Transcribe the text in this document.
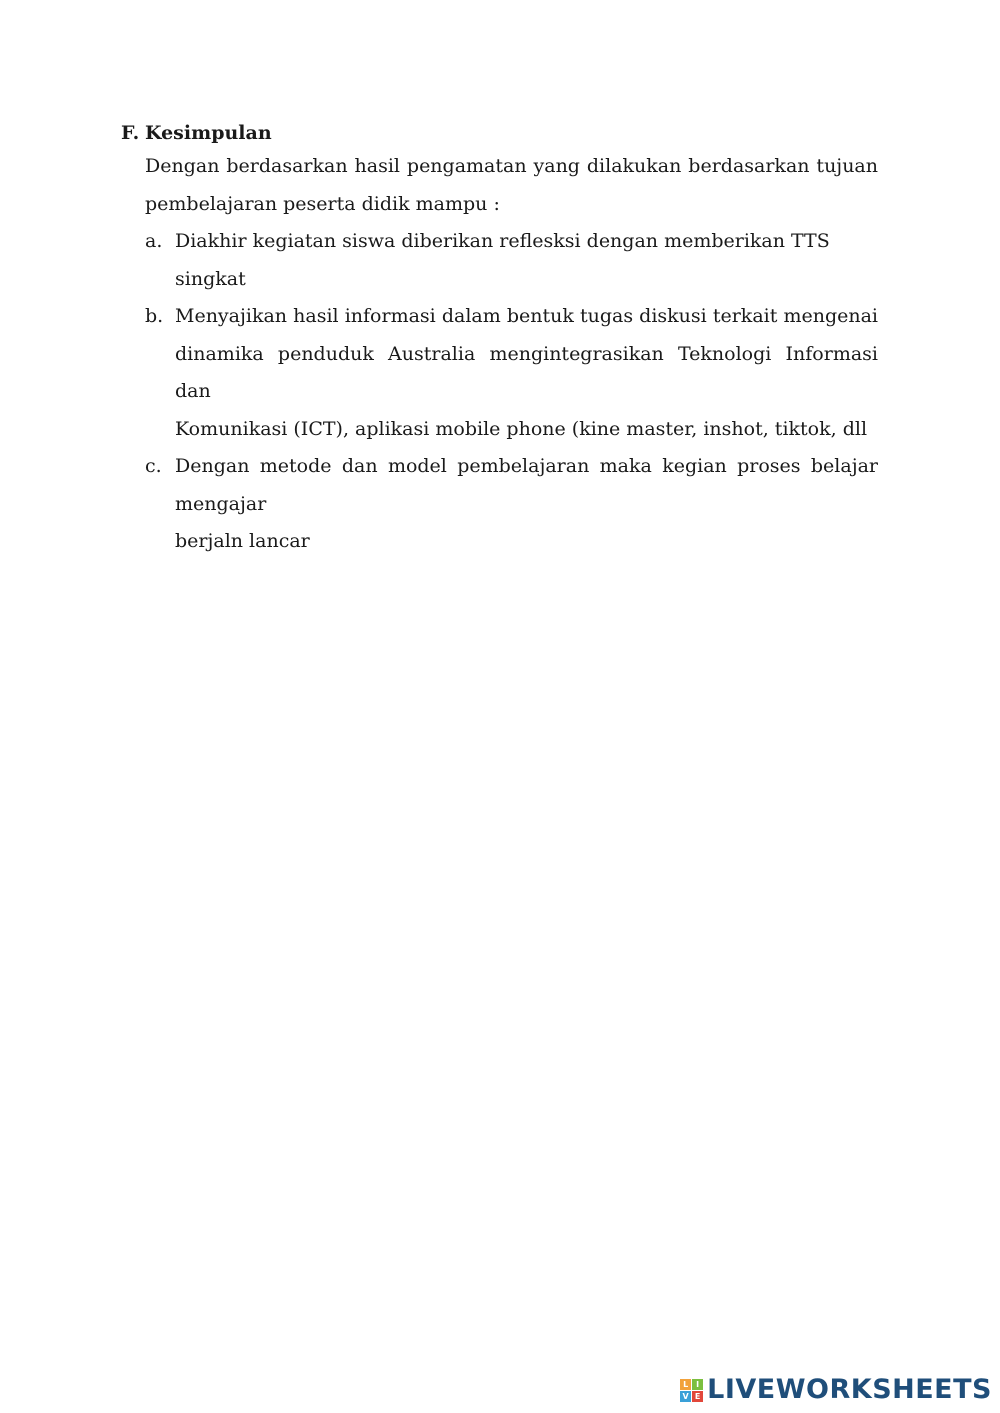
F. Kesimpulan
Dengan berdasarkan hasil pengamatan yang dilakukan berdasarkan tujuan
pembelajaran peserta didik mampu :
a. Diakhir kegiatan siswa diberikan reflesksi dengan memberikan TTS singkat
b. Menyajikan hasil informasi dalam bentuk tugas diskusi terkait mengenai
dinamika penduduk Australia mengintegrasikan Teknologi Informasi dan
Komunikasi (ICT), aplikasi mobile phone (kine master, inshot, tiktok, dll
c. Dengan metode dan model pembelajaran maka kegian proses belajar mengajar
berjaln lancar
L I
V E LIVEWORKSHEETS
